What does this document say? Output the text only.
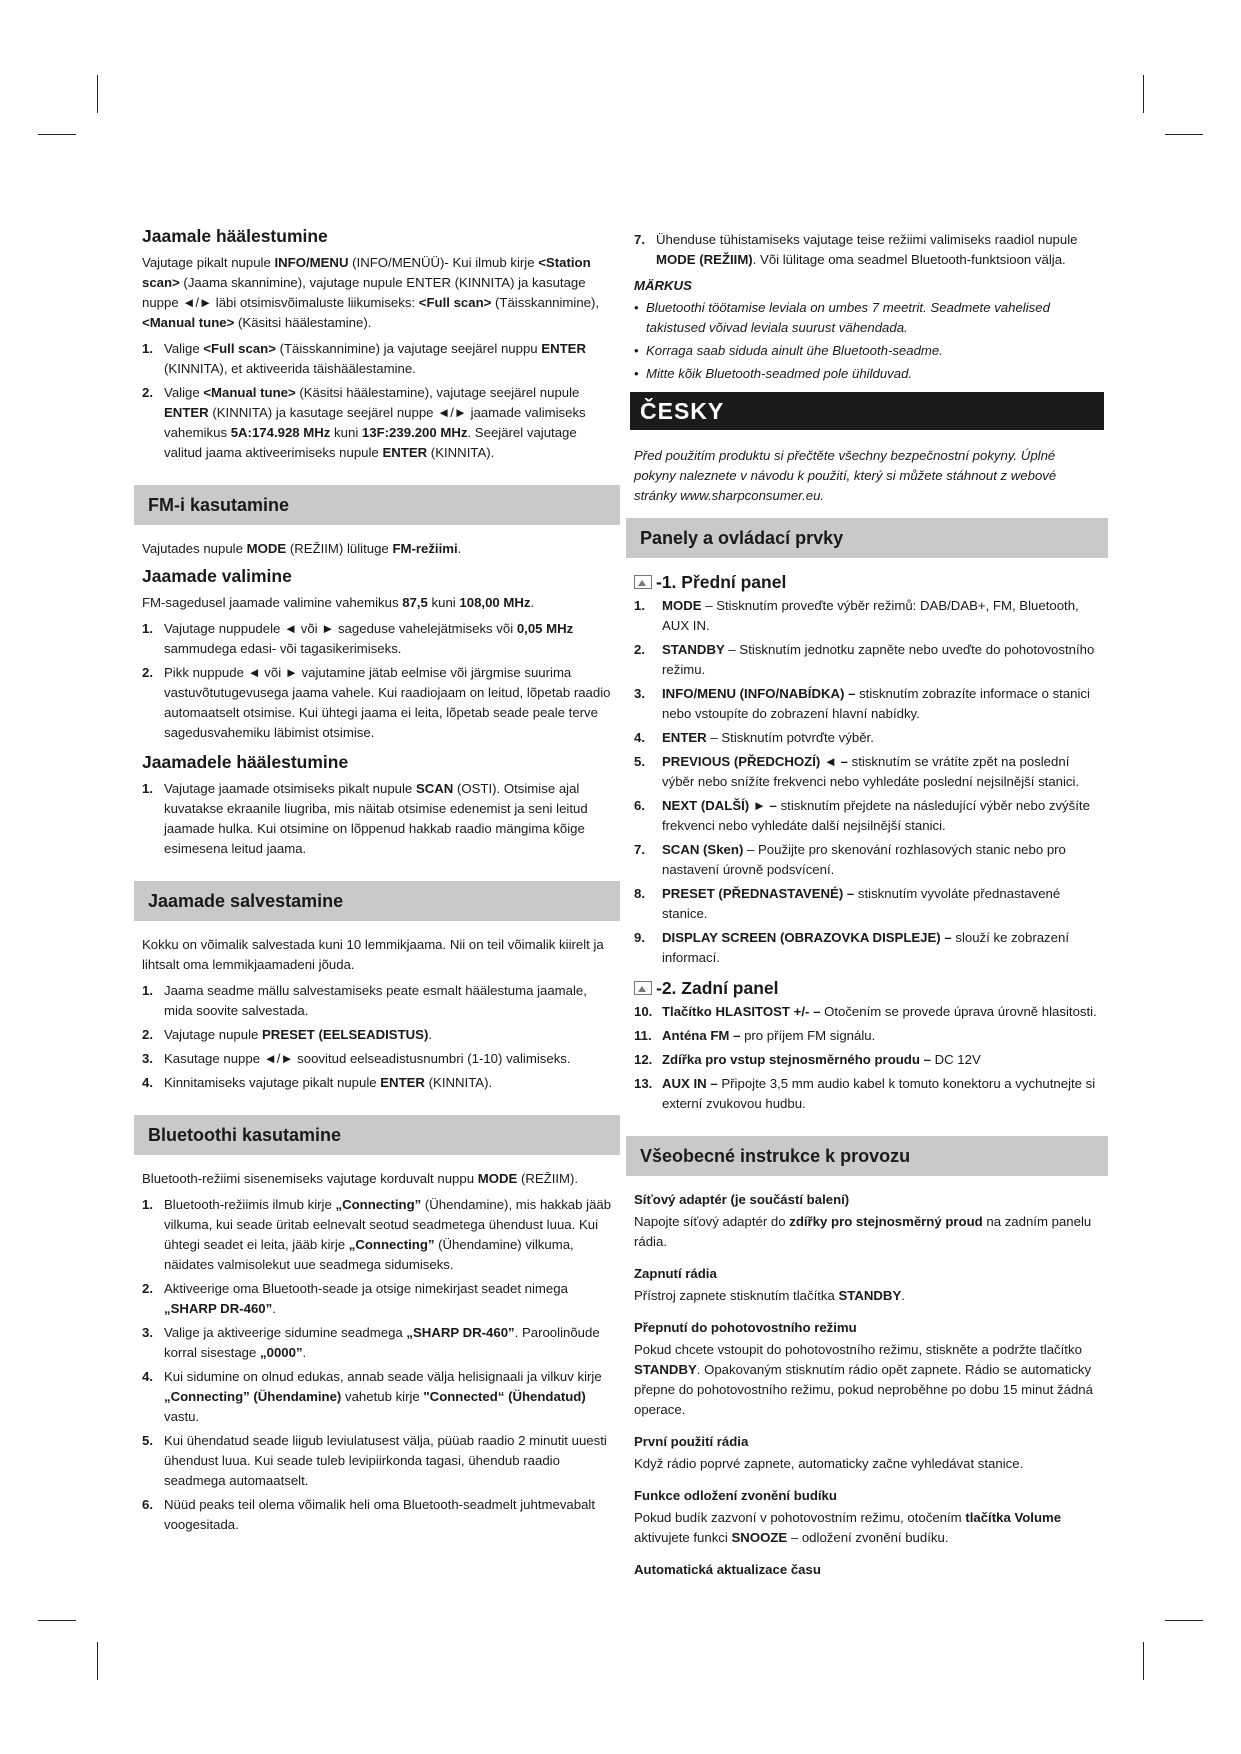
Jaamale häälestumine

Vajutage pikalt nupule INFO/MENU (INFO/MENÜÜ)- Kui ilmub kirje <Station scan> (Jaama skannimine), vajutage nupule ENTER (KINNITA) ja kasutage nuppe ◄/► läbi otsimisvõimaluste liikumiseks: <Full scan> (Täisskannimine), <Manual tune> (Käsitsi häälestamine).

1. Valige <Full scan> (Täisskannimine) ja vajutage seejärel nuppu ENTER (KINNITA), et aktiveerida täishäälestamine.
2. Valige <Manual tune> (Käsitsi häälestamine), vajutage seejärel nupule ENTER (KINNITA) ja kasutage seejärel nuppe ◄/► jaamade valimiseks vahemikus 5A:174.928 MHz kuni 13F:239.200 MHz. Seejärel vajutage valitud jaama aktiveerimiseks nupule ENTER (KINNITA).
FM-i kasutamine

Vajutades nupule MODE (REŽIIM) lülituge FM-režiimi.

Jaamade valimine

FM-sagedusel jaamade valimine vahemikus 87,5 kuni 108,00 MHz.

1. Vajutage nuppudele ◄ või ► sageduse vahelejätmiseks või 0,05 MHz sammudega edasi- või tagasikerimiseks.
2. Pikk nuppude ◄ või ► vajutamine jätab eelmise või järgmise suurima vastuvõtutugevusega jaama vahele. Kui raadiojaam on leitud, lõpetab raadio automaatselt otsimise. Kui ühtegi jaama ei leita, lõpetab seade peale terve sagedusvahemiku läbimist otsimise.
Jaamadele häälestumine
1. Vajutage jaamade otsimiseks pikalt nupule SCAN (OSTI). Otsimise ajal kuvatakse ekraanile liugriba, mis näitab otsimise edenemist ja seni leitud jaamade hulka. Kui otsimine on lõppenud hakkab raadio mängima kõige esimesena leitud jaama.
Jaamade salvestamine

Kokku on võimalik salvestada kuni 10 lemmikjaama. Nii on teil võimalik kiirelt ja lihtsalt oma lemmikjaamadeni jõuda.

1. Jaama seadme mällu salvestamiseks peate esmalt häälestuma jaamale, mida soovite salvestada.
2. Vajutage nupule PRESET (EELSEADISTUS).
3. Kasutage nuppe ◄/► soovitud eelseadistusnumbri (1-10) valimiseks.
4. Kinnitamiseks vajutage pikalt nupule ENTER (KINNITA).
Bluetoothi kasutamine

Bluetooth-režiimi sisenemiseks vajutage korduvalt nuppu MODE (REŽIIM).

1. Bluetooth-režiimis ilmub kirje „Connecting” (Ühendamine), mis hakkab jääb vilkuma, kui seade üritab eelnevalt seotud seadmetega ühendust luua. Kui ühtegi seadet ei leita, jääb kirje „Connecting” (Ühendamine) vilkuma, näidates valmisolekut uue seadmega sidumiseks.
2. Aktiveerige oma Bluetooth-seade ja otsige nimekirjast seadet nimega „SHARP DR-460”.
3. Valige ja aktiveerige sidumine seadmega „SHARP DR-460”. Paroolinõude korral sisestage „0000”.
4. Kui sidumine on olnud edukas, annab seade välja helisignaali ja vilkuv kirje „Connecting” (Ühendamine) vahetub kirje "Connected“ (Ühendatud) vastu.
5. Kui ühendatud seade liigub leviulatusest välja, püüab raadio 2 minutit uuesti ühendust luua. Kui seade tuleb levipiirkonda tagasi, ühendub raadio seadmega automaatselt.
6. Nüüd peaks teil olema võimalik heli oma Bluetooth-seadmelt juhtmevabalt voogesitada.
7. Ühenduse tühistamiseks vajutage teise režiimi valimiseks raadiol nupule MODE (REŽIIM). Või lülitage oma seadmel Bluetooth-funktsioon välja.
MÄRKUS
• Bluetoothi töötamise leviala on umbes 7 meetrit. Seadmete vahelised takistused võivad leviala suurust vähendada.
• Korraga saab siduda ainult ühe Bluetooth-seadme.
• Mitte kõik Bluetooth-seadmed pole ühilduvad.
ČESKY

Před použitím produktu si přečtěte všechny bezpečnostní pokyny. Úplné pokyny naleznete v návodu k použití, který si můžete stáhnout z webové stránky www.sharpconsumer.eu.

Panely a ovládací prvky
-1. Přední panel
1. MODE – Stisknutím proveďte výběr režimů: DAB/DAB+, FM, Bluetooth, AUX IN.
2. STANDBY – Stisknutím jednotku zapněte nebo uveďte do pohotovostního režimu.
3. INFO/MENU (INFO/NABÍDKA) – stisknutím zobrazíte informace o stanici nebo vstoupíte do zobrazení hlavní nabídky.
4. ENTER – Stisknutím potvrďte výběr.
5. PREVIOUS (PŘEDCHOZÍ) ◄ – stisknutím se vrátíte zpět na poslední výběr nebo snížíte frekvenci nebo vyhledáte poslední nejsilnější stanici.
6. NEXT (DALŠÍ) ► – stisknutím přejdete na následující výběr nebo zvýšíte frekvenci nebo vyhledáte další nejsilnější stanici.
7. SCAN (Sken) – Použijte pro skenování rozhlasových stanic nebo pro nastavení úrovně podsvícení.
8. PRESET (PŘEDNASTAVENÉ) – stisknutím vyvoláte přednastavené stanice.
9. DISPLAY SCREEN (OBRAZOVKA DISPLEJE) – slouží ke zobrazení informací.
-2. Zadní panel
10. Tlačítko HLASITOST +/- – Otočením se provede úprava úrovně hlasitosti.
11. Anténa FM – pro příjem FM signálu.
12. Zdířka pro vstup stejnosměrného proudu – DC 12V
13. AUX IN – Připojte 3,5 mm audio kabel k tomuto konektoru a vychutnejte si externí zvukovou hudbu.
Všeobecné instrukce k provozu
Síťový adaptér (je součástí balení)

Napojte síťový adaptér do zdířky pro stejnosměrný proud na zadním panelu rádia.

Zapnutí rádia

Přístroj zapnete stisknutím tlačítka STANDBY.

Přepnutí do pohotovostního režimu

Pokud chcete vstoupit do pohotovostního režimu, stiskněte a podržte tlačítko STANDBY. Opakovaným stisknutím rádio opět zapnete. Rádio se automaticky přepne do pohotovostního režimu, pokud neproběhne po dobu 15 minut žádná operace.

První použití rádia

Když rádio poprvé zapnete, automaticky začne vyhledávat stanice.

Funkce odložení zvonění budíku

Pokud budík zazvoní v pohotovostním režimu, otočením tlačítka Volume aktivujete funkci SNOOZE – odložení zvonění budíku.

Automatická aktualizace času
